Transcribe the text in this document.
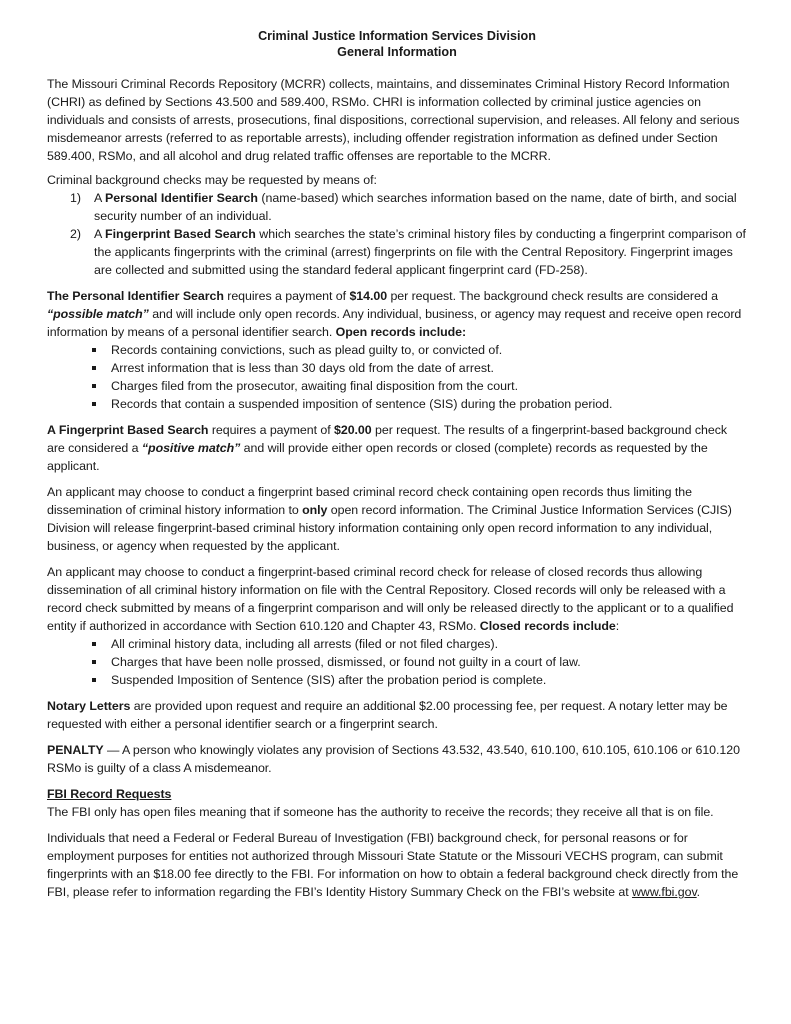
Criminal Justice Information Services Division
General Information

The Missouri Criminal Records Repository (MCRR) collects, maintains, and disseminates Criminal History Record Information (CHRI) as defined by Sections 43.500 and 589.400, RSMo. CHRI is information collected by criminal justice agencies on individuals and consists of arrests, prosecutions, final dispositions, correctional supervision, and releases. All felony and serious misdemeanor arrests (referred to as reportable arrests), including offender registration information as defined under Section 589.400, RSMo, and all alcohol and drug related traffic offenses are reportable to the MCRR.

Criminal background checks may be requested by means of:

1) A Personal Identifier Search (name-based) which searches information based on the name, date of birth, and social security number of an individual.
2) A Fingerprint Based Search which searches the state’s criminal history files by conducting a fingerprint comparison of the applicants fingerprints with the criminal (arrest) fingerprints on file with the Central Repository. Fingerprint images are collected and submitted using the standard federal applicant fingerprint card (FD-258).

The Personal Identifier Search requires a payment of $14.00 per request. The background check results are considered a “possible match” and will include only open records. Any individual, business, or agency may request and receive open record information by means of a personal identifier search. Open records include:

Records containing convictions, such as plead guilty to, or convicted of.
Arrest information that is less than 30 days old from the date of arrest.
Charges filed from the prosecutor, awaiting final disposition from the court.
Records that contain a suspended imposition of sentence (SIS) during the probation period.

A Fingerprint Based Search requires a payment of $20.00 per request. The results of a fingerprint-based background check are considered a “positive match” and will provide either open records or closed (complete) records as requested by the applicant.

An applicant may choose to conduct a fingerprint based criminal record check containing open records thus limiting the dissemination of criminal history information to only open record information. The Criminal Justice Information Services (CJIS) Division will release fingerprint-based criminal history information containing only open record information to any individual, business, or agency when requested by the applicant.

An applicant may choose to conduct a fingerprint-based criminal record check for release of closed records thus allowing dissemination of all criminal history information on file with the Central Repository. Closed records will only be released with a record check submitted by means of a fingerprint comparison and will only be released directly to the applicant or to a qualified entity if authorized in accordance with Section 610.120 and Chapter 43, RSMo. Closed records include:

All criminal history data, including all arrests (filed or not filed charges).
Charges that have been nolle prossed, dismissed, or found not guilty in a court of law.
Suspended Imposition of Sentence (SIS) after the probation period is complete.

Notary Letters are provided upon request and require an additional $2.00 processing fee, per request. A notary letter may be requested with either a personal identifier search or a fingerprint search.

PENALTY — A person who knowingly violates any provision of Sections 43.532, 43.540, 610.100, 610.105, 610.106 or 610.120 RSMo is guilty of a class A misdemeanor.

FBI Record Requests

The FBI only has open files meaning that if someone has the authority to receive the records; they receive all that is on file.

Individuals that need a Federal or Federal Bureau of Investigation (FBI) background check, for personal reasons or for employment purposes for entities not authorized through Missouri State Statute or the Missouri VECHS program, can submit fingerprints with an $18.00 fee directly to the FBI. For information on how to obtain a federal background check directly from the FBI, please refer to information regarding the FBI’s Identity History Summary Check on the FBI’s website at www.fbi.gov.
